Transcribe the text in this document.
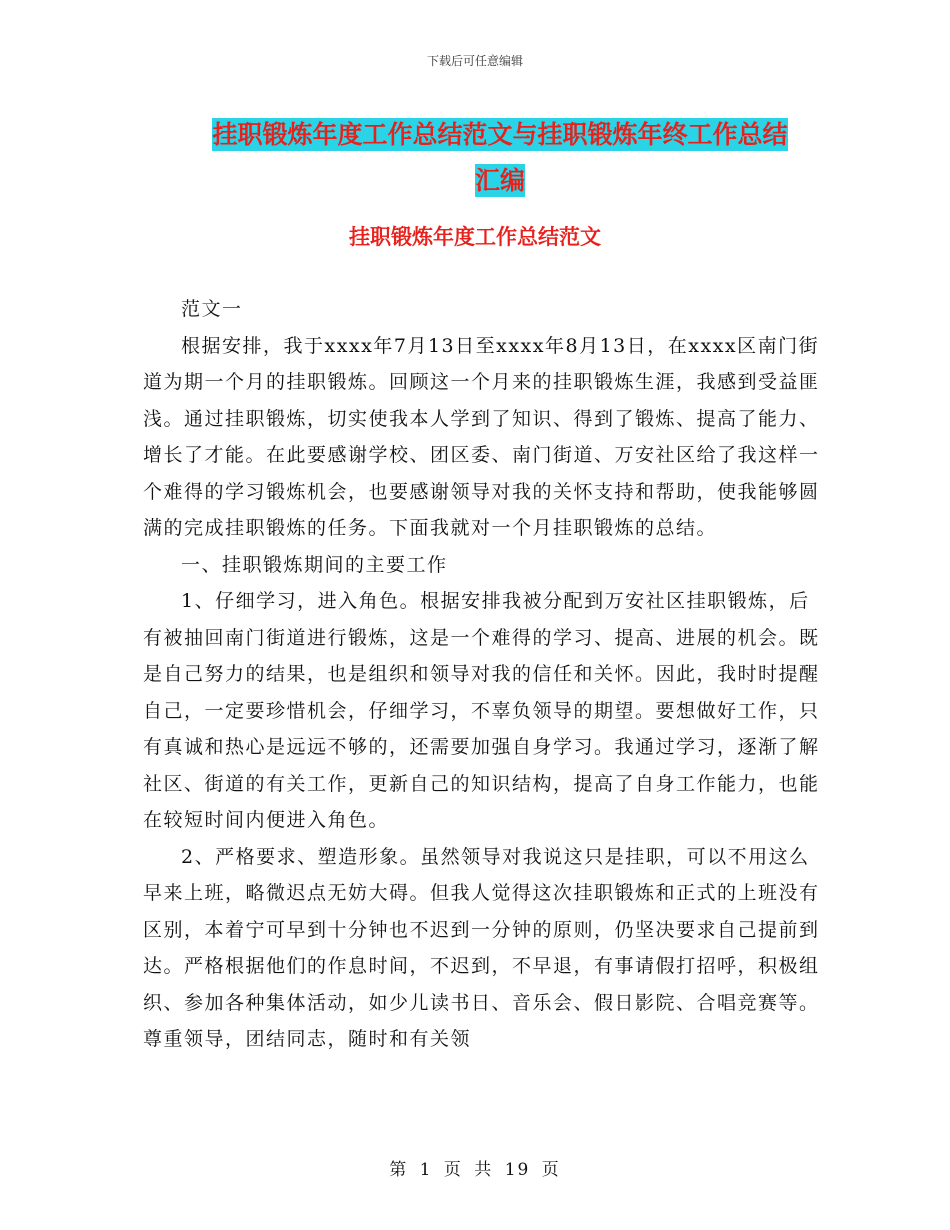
下载后可任意编辑
挂职锻炼年度工作总结范文与挂职锻炼年终工作总结
汇编
挂职锻炼年度工作总结范文

范文一

根据安排，我于xxxx年7月13日至xxxx年8月13日，在xxxx区南门街道为期一个月的挂职锻炼。回顾这一个月来的挂职锻炼生涯，我感到受益匪浅。通过挂职锻炼，切实使我本人学到了知识、得到了锻炼、提高了能力、增长了才能。在此要感谢学校、团区委、南门街道、万安社区给了我这样一个难得的学习锻炼机会，也要感谢领导对我的关怀支持和帮助，使我能够圆满的完成挂职锻炼的任务。下面我就对一个月挂职锻炼的总结。

一、挂职锻炼期间的主要工作

1、仔细学习，进入角色。根据安排我被分配到万安社区挂职锻炼，后有被抽回南门街道进行锻炼，这是一个难得的学习、提高、进展的机会。既是自己努力的结果，也是组织和领导对我的信任和关怀。因此，我时时提醒自己，一定要珍惜机会，仔细学习，不辜负领导的期望。要想做好工作，只有真诚和热心是远远不够的，还需要加强自身学习。我通过学习，逐渐了解社区、街道的有关工作，更新自己的知识结构，提高了自身工作能力，也能在较短时间内便进入角色。

2、严格要求、塑造形象。虽然领导对我说这只是挂职，可以不用这么早来上班，略微迟点无妨大碍。但我人觉得这次挂职锻炼和正式的上班没有区别，本着宁可早到十分钟也不迟到一分钟的原则，仍坚决要求自己提前到达。严格根据他们的作息时间，不迟到，不早退，有事请假打招呼，积极组织、参加各种集体活动，如少儿读书日、音乐会、假日影院、合唱竞赛等。尊重领导，团结同志，随时和有关领

第 1 页 共 19 页
